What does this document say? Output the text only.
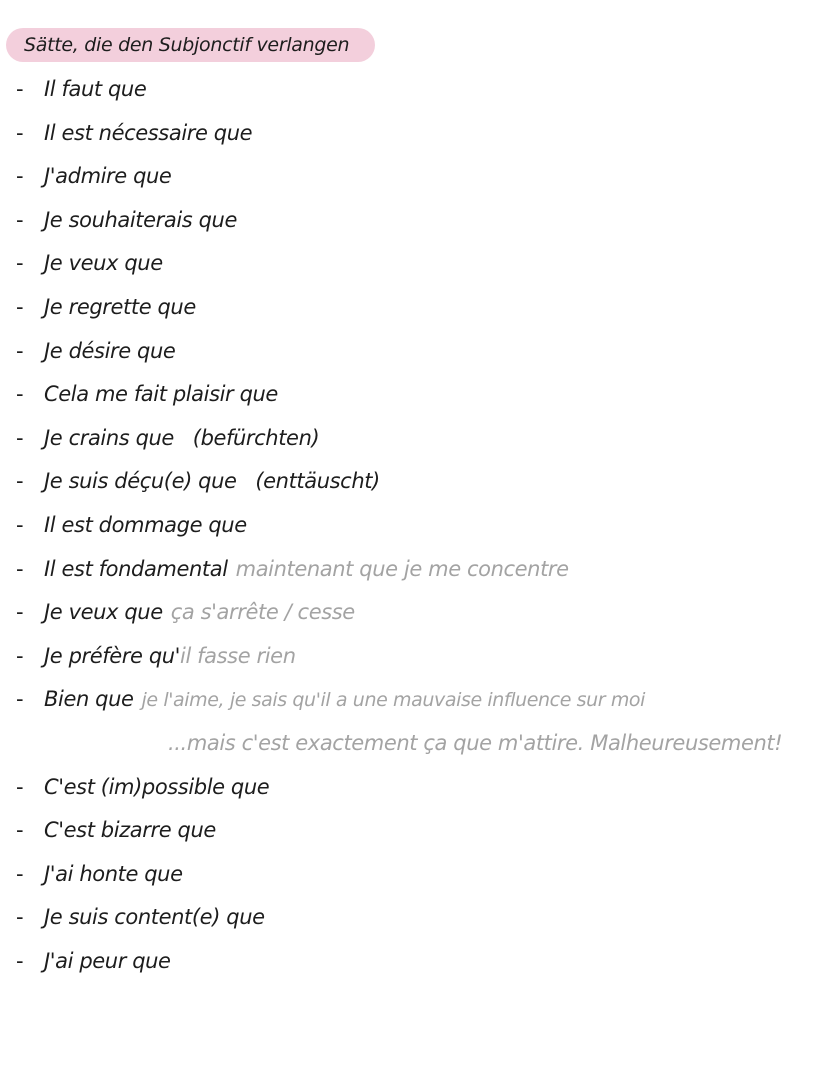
Sätte, die den Subjonctif verlangen
- Il faut que
- Il est nécessaire que
- J'admire que
- Je souhaiterais que
- Je veux que
- Je regrette que
- Je désire que
- Cela me fait plaisir que
- Je crains que   (befürchten)
- Je suis déçu(e) que   (enttäuscht)
- Il est dommage que
- Il est fondamental maintenant que je me concentre
- Je veux que ça s'arrête / cesse
- Je préfère qu'il fasse rien
- Bien que je l'aime, je sais qu'il a une mauvaise influence sur moi
...mais c'est exactement ça que m'attire. Malheureusement!
- C'est (im)possible que
- C'est bizarre que
- J'ai honte que
- Je suis content(e) que
- J'ai peur que
